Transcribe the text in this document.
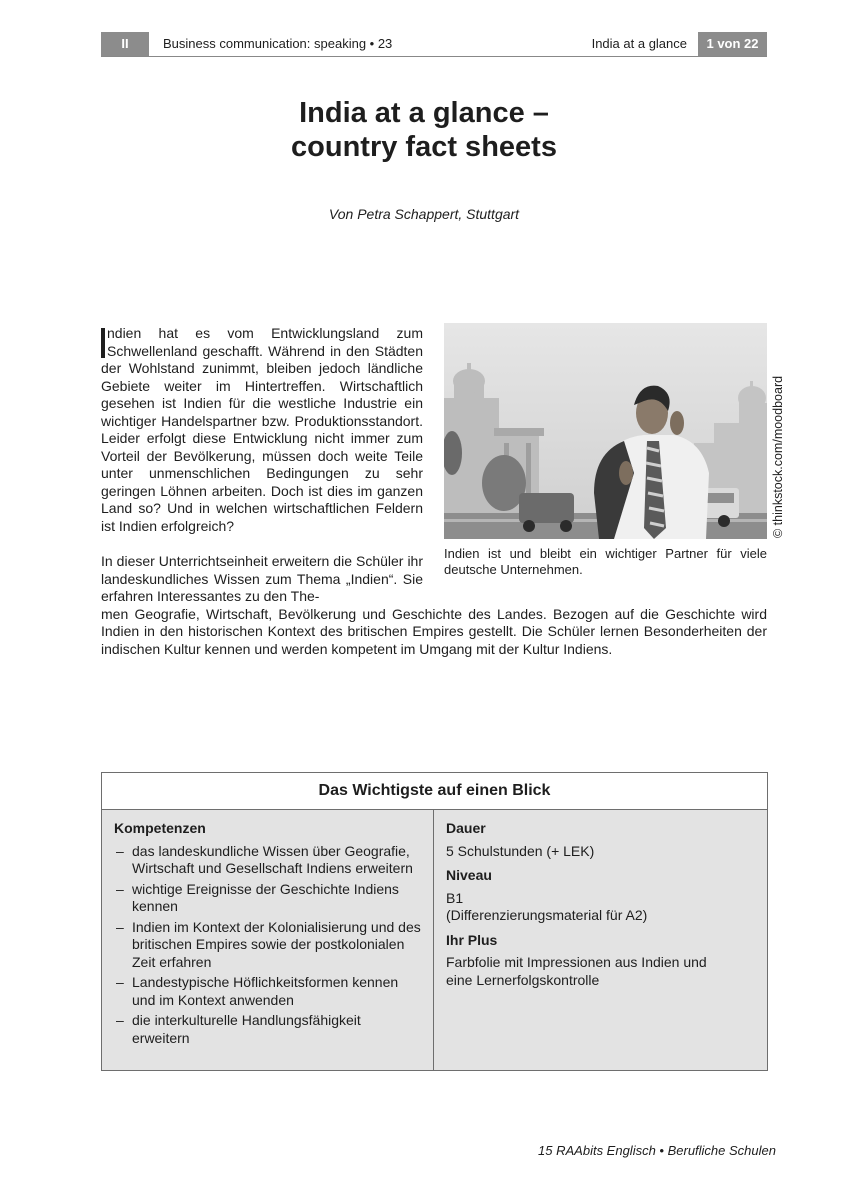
II	Business communication: speaking • 23	India at a glance	1 von 22
India at a glance –
country fact sheets
Von Petra Schappert, Stuttgart
ndien hat es vom Entwicklungsland zum Schwellenland geschafft. Während in den Städten der Wohlstand zunimmt, bleiben jedoch ländliche Gebiete weiter im Hintertreffen. Wirtschaftlich gesehen ist Indien für die westliche Industrie ein wichtiger Handelspartner bzw. Produktionsstandort. Leider erfolgt diese Entwicklung nicht immer zum Vorteil der Bevölkerung, müssen doch weite Teile unter unmenschlichen Bedingungen zu sehr geringen Löhnen arbeiten. Doch ist dies im ganzen Land so? Und in welchen wirtschaftlichen Feldern ist Indien erfolgreich?	© thinkstock.com/moodboard
Indien ist und bleibt ein wichtiger Partner für viele deutsche Unternehmen.
In dieser Unterrichtseinheit erweitern die Schüler ihr landeskundliches Wissen zum Thema „Indien“. Sie erfahren Interessantes zu den The-
men Geografie, Wirtschaft, Bevölkerung und Geschichte des Landes. Bezogen auf die Geschichte wird Indien in den historischen Kontext des britischen Empires gestellt. Die Schüler lernen Besonderheiten der indischen Kultur kennen und werden kompetent im Umgang mit der Kultur Indiens.
Das Wichtigste auf einen Blick
Kompetenzen
– das landeskundliche Wissen über Geografie, Wirtschaft und Gesellschaft Indiens erweitern
– wichtige Ereignisse der Geschichte Indiens kennen
– Indien im Kontext der Kolonialisierung und des britischen Empires sowie der postkolonialen Zeit erfahren
– Landestypische Höflichkeitsformen kennen und im Kontext anwenden
– die interkulturelle Handlungsfähigkeit erweitern
Dauer
5 Schulstunden (+ LEK)
Niveau
B1
(Differenzierungsmaterial für A2)
Ihr Plus
Farbfolie mit Impressionen aus Indien und eine Lernerfolgskontrolle
15 RAAbits Englisch • Berufliche Schulen
